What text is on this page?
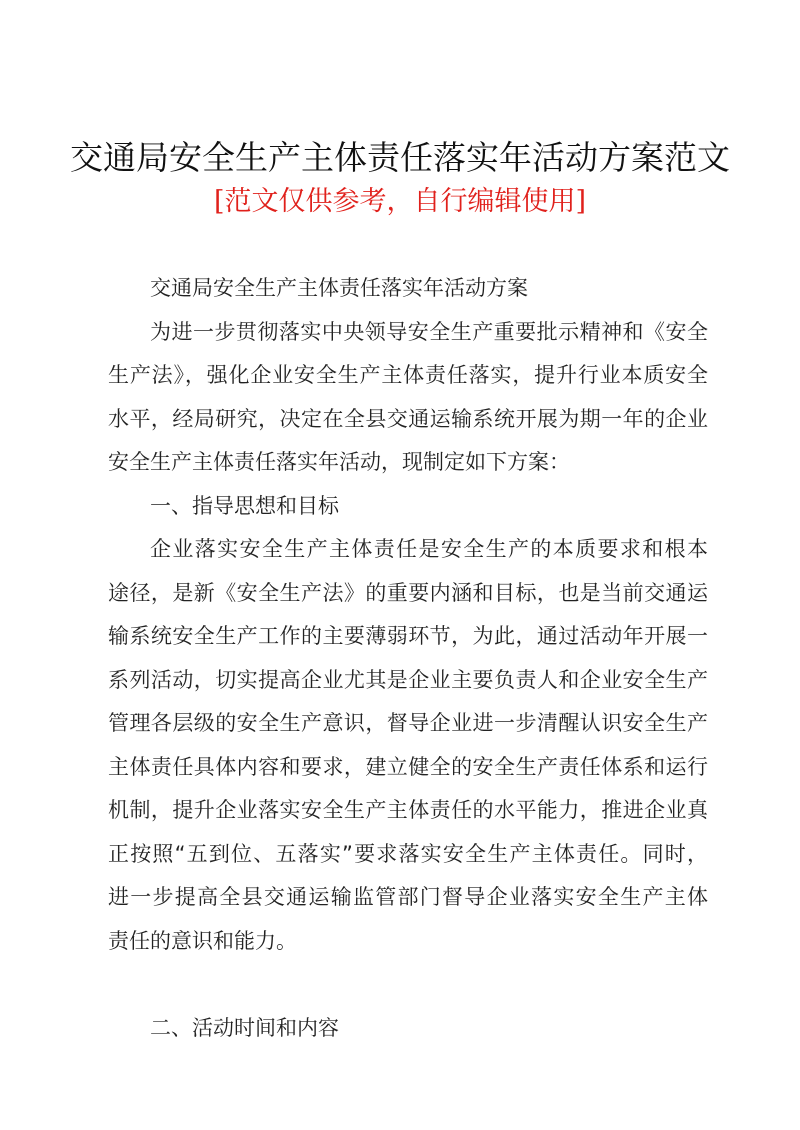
交通局安全生产主体责任落实年活动方案范文
[范文仅供参考，自行编辑使用]
交通局安全生产主体责任落实年活动方案
为进一步贯彻落实中央领导安全生产重要批示精神和《安全
生产法》，强化企业安全生产主体责任落实，提升行业本质安全
水平，经局研究，决定在全县交通运输系统开展为期一年的企业
安全生产主体责任落实年活动，现制定如下方案：
一、指导思想和目标
企业落实安全生产主体责任是安全生产的本质要求和根本
途径，是新《安全生产法》的重要内涵和目标，也是当前交通运
输系统安全生产工作的主要薄弱环节，为此，通过活动年开展一
系列活动，切实提高企业尤其是企业主要负责人和企业安全生产
管理各层级的安全生产意识，督导企业进一步清醒认识安全生产
主体责任具体内容和要求，建立健全的安全生产责任体系和运行
机制，提升企业落实安全生产主体责任的水平能力，推进企业真
正按照“五到位、五落实”要求落实安全生产主体责任。同时，
进一步提高全县交通运输监管部门督导企业落实安全生产主体
责任的意识和能力。
二、活动时间和内容
